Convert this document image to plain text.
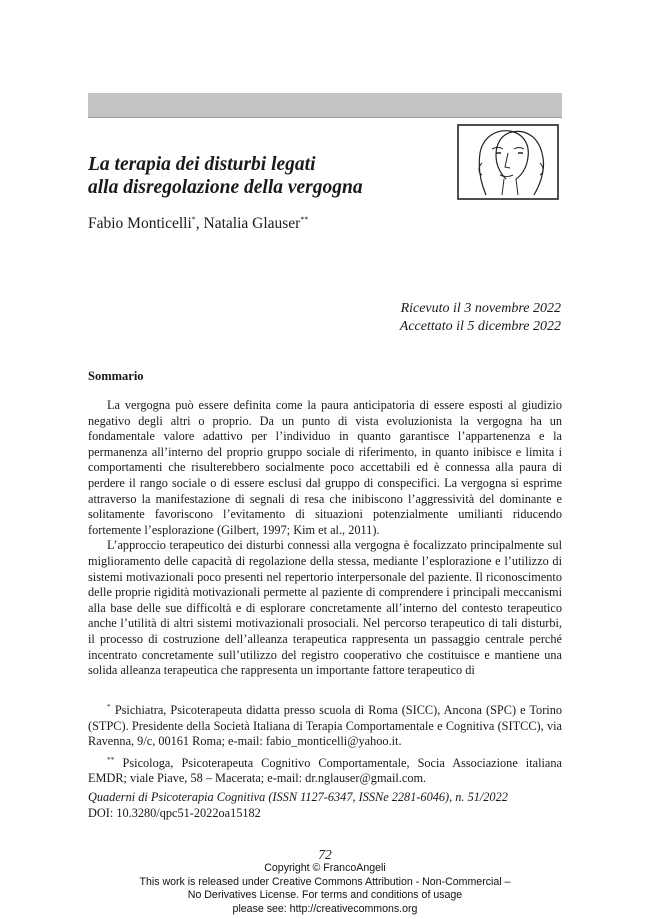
La terapia dei disturbi legati
alla disregolazione della vergogna
Fabio Monticelli*, Natalia Glauser**
Ricevuto il 3 novembre 2022
Accettato il 5 dicembre 2022
Sommario

La vergogna può essere definita come la paura anticipatoria di essere esposti al giudizio negativo degli altri o proprio. Da un punto di vista evoluzionista la vergogna ha un fondamentale valore adattivo per l’individuo in quanto garantisce l’appartenenza e la permanenza all’interno del proprio gruppo sociale di riferimento, in quanto inibisce e limita i comportamenti che risulterebbero socialmente poco accettabili ed è connessa alla paura di perdere il rango sociale o di essere esclusi dal gruppo di conspecifici. La vergogna si esprime attraverso la manifestazione di segnali di resa che inibiscono l’aggressività del dominante e solitamente favoriscono l’evitamento di situazioni potenzialmente umilianti riducendo fortemente l’esplorazione (Gilbert, 1997; Kim et al., 2011).

L’approccio terapeutico dei disturbi connessi alla vergogna è focalizzato principalmente sul miglioramento delle capacità di regolazione della stessa, mediante l’esplorazione e l’utilizzo di sistemi motivazionali poco presenti nel repertorio interpersonale del paziente. Il riconoscimento delle proprie rigidità motivazionali permette al paziente di comprendere i principali meccanismi alla base delle sue difficoltà e di esplorare concretamente all’interno del contesto terapeutico anche l’utilità di altri sistemi motivazionali prosociali. Nel percorso terapeutico di tali disturbi, il processo di costruzione dell’alleanza terapeutica rappresenta un passaggio centrale perché incentrato concretamente sull’utilizzo del registro cooperativo che costituisce e mantiene una solida alleanza terapeutica che rappresenta un importante fattore terapeutico di

* Psichiatra, Psicoterapeuta didatta presso scuola di Roma (SICC), Ancona (SPC) e Torino (STPC). Presidente della Società Italiana di Terapia Comportamentale e Cognitiva (SITCC), via Ravenna, 9/c, 00161 Roma; e-mail: fabio_monticelli@yahoo.it.

** Psicologa, Psicoterapeuta Cognitivo Comportamentale, Socia Associazione italiana EMDR; viale Piave, 58 – Macerata; e-mail: dr.nglauser@gmail.com.

Quaderni di Psicoterapia Cognitiva (ISSN 1127-6347, ISSNe 2281-6046), n. 51/2022
DOI: 10.3280/qpc51-2022oa15182
72
Copyright © FrancoAngeli
This work is released under Creative Commons Attribution - Non-Commercial –
No Derivatives License. For terms and conditions of usage
please see: http://creativecommons.org
